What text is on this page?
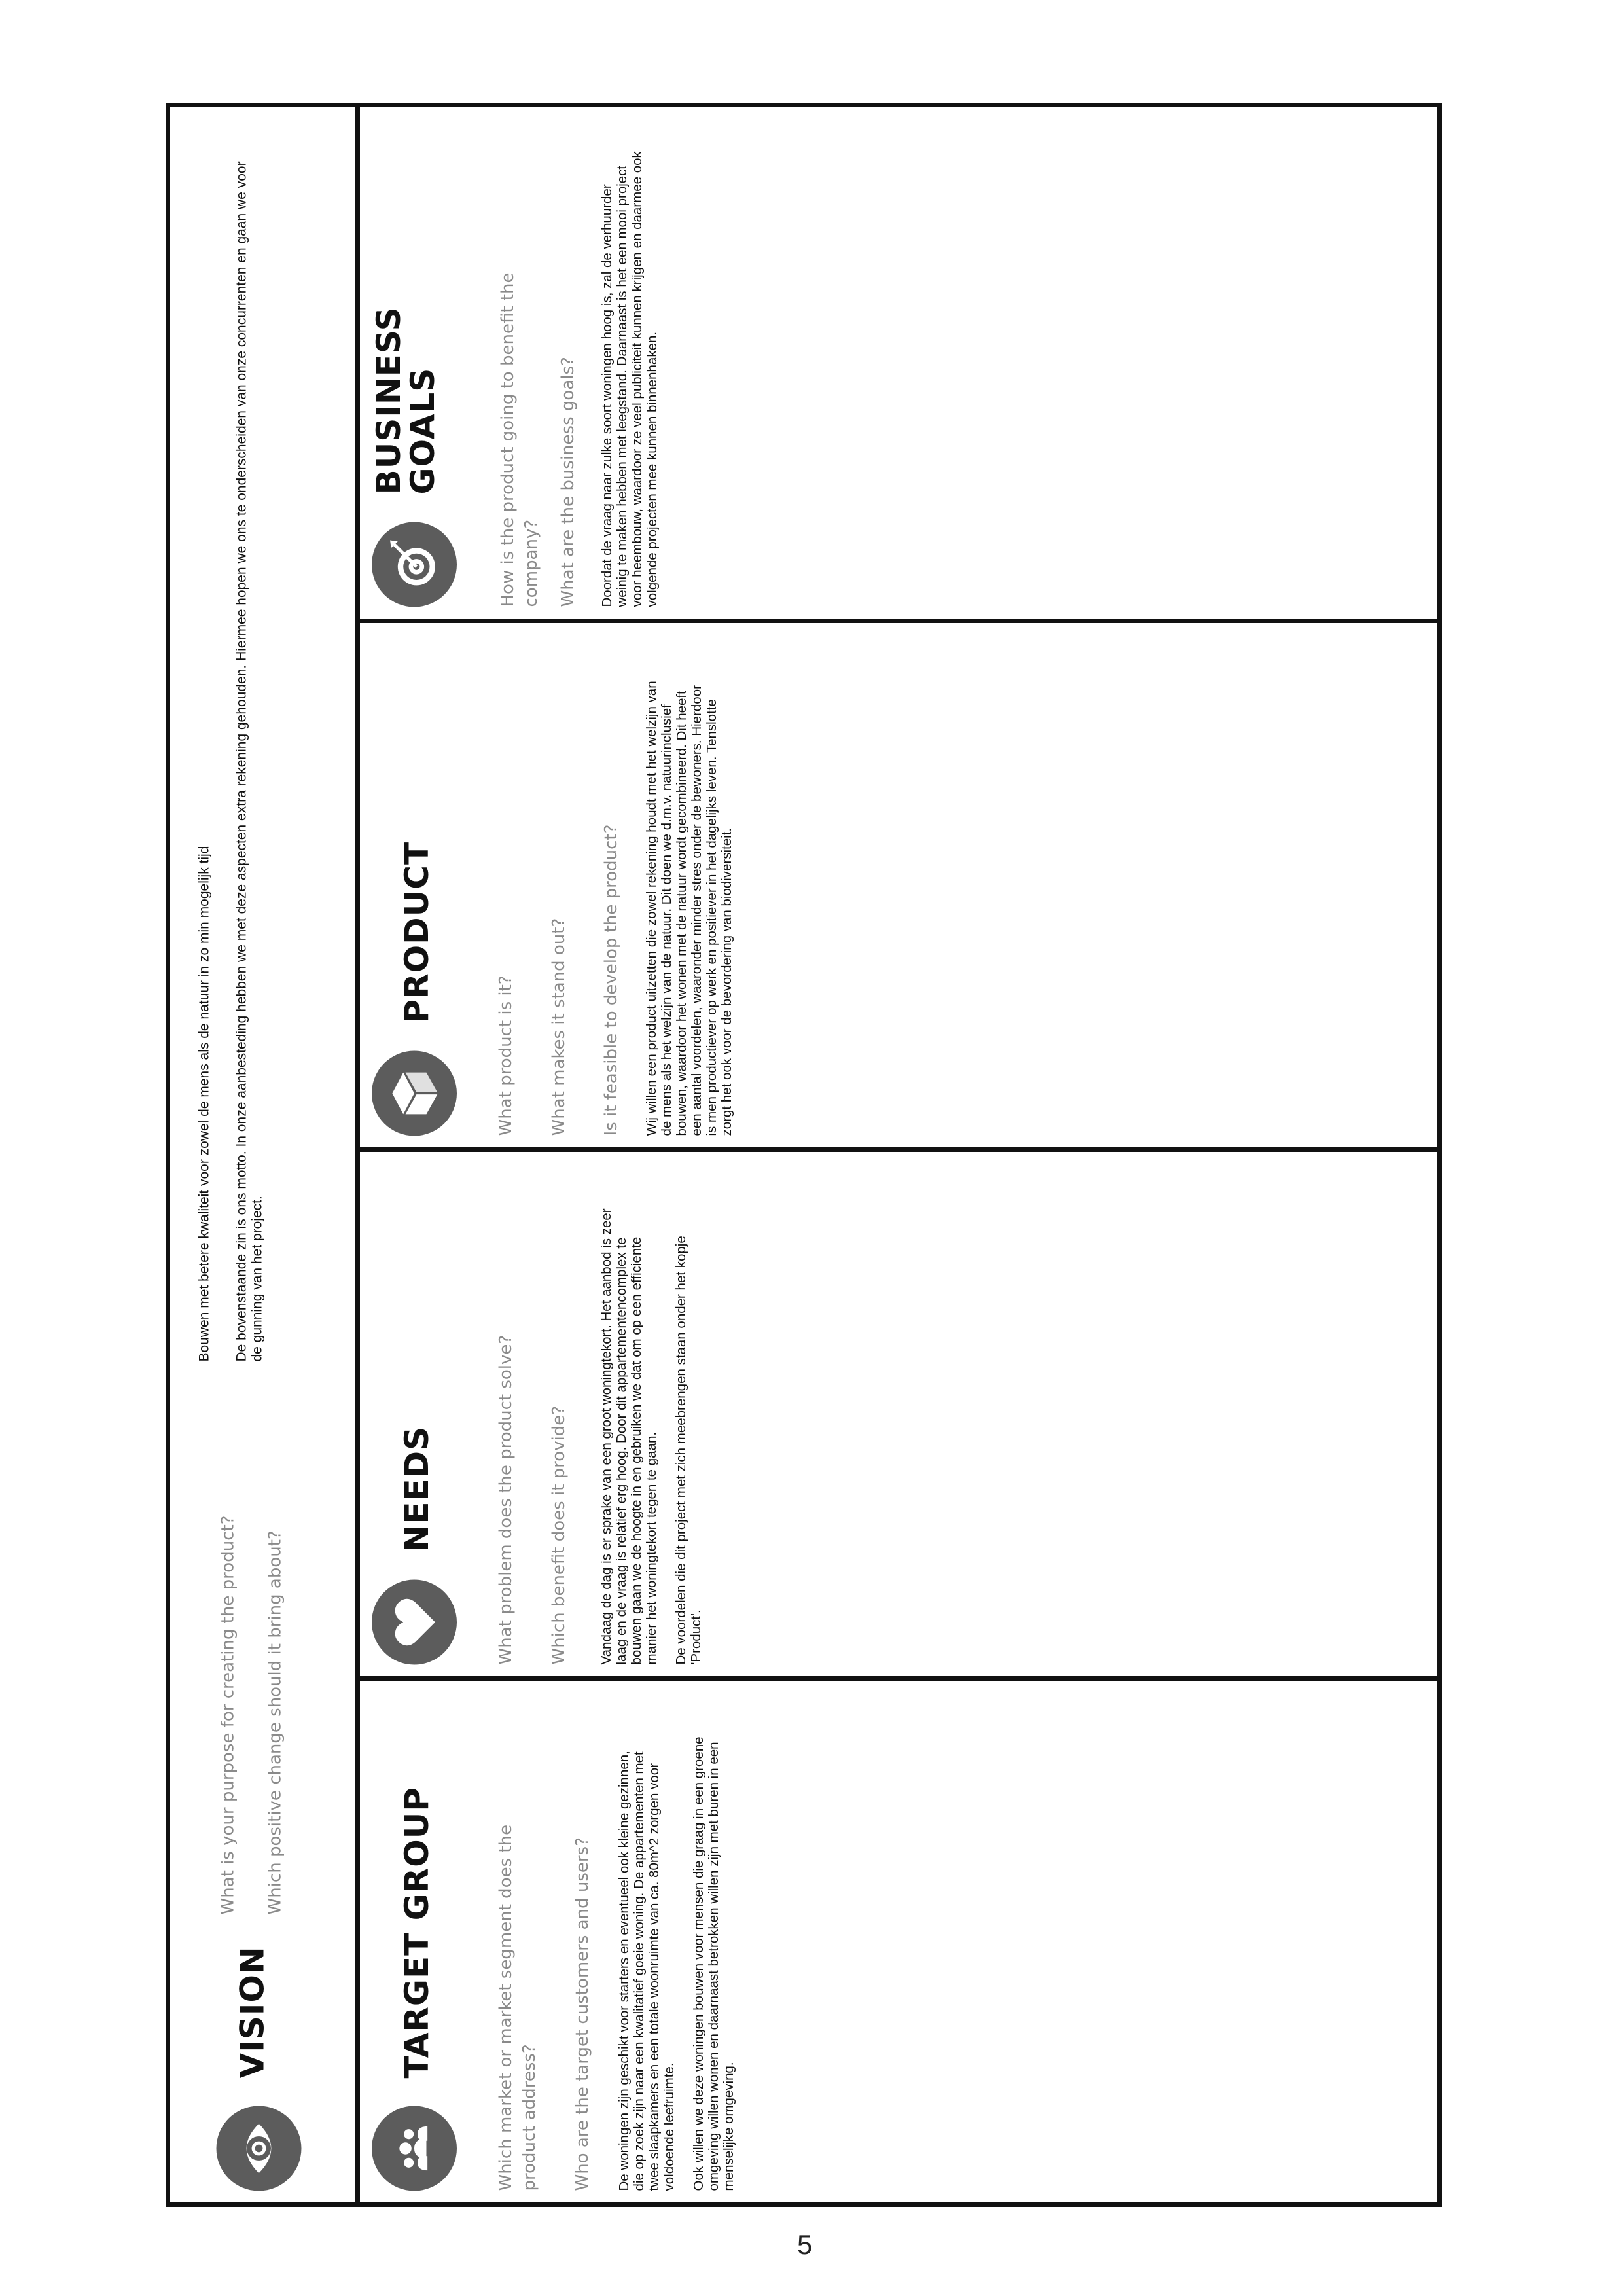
VISION
What is your purpose for creating the product? Which positive change should it bring about?
Bouwen met betere kwaliteit voor zowel de mens als de natuur in zo min mogelijk tijd De bovenstaande zin is ons motto. In onze aanbesteding hebben we met deze aspecten extra rekening gehouden. Hiermee hopen we ons te onderscheiden van onze concurrenten en gaan we voor de gunning van het project.
BUSINESS
GOALS	How is the product going to benefit the company? What are the business goals? Doordat de vraag naar zulke soort woningen hoog is, zal de verhuurder weinig te maken hebben met leegstand. Daarnaast is het een mooi project voor heembouw, waardoor ze veel publiciteit kunnen krijgen en daarmee ook volgende projecten mee kunnen binnenhaken.

PRODUCT
What product is it? What makes it stand out? Is it feasible to develop the product? Wij willen een product uitzetten die zowel rekening houdt met het welzijn van de mens als het welzijn van de natuur. Dit doen we d.m.v. natuurinclusief bouwen, waardoor het wonen met de natuur wordt gecombineerd. Dit heeft een aantal voordelen, waaronder minder stres onder de bewoners. Hierdoor is men productiever op werk en positiever in het dagelijks leven. Tenslotte zorgt het ook voor de bevordering van biodiversiteit.

NEEDS	What problem does the product solve? Which benefit does it provide? Vandaag de dag is er sprake van een groot woningtekort. Het aanbod is zeer laag en de vraag is relatief erg hoog. Door dit appartementencomplex te bouwen gaan we de hoogte in en gebruiken we dat om op een efficiente manier het woningtekort tegen te gaan. De voordelen die dit project met zich meebrengen staan onder het kopje 'Product'.

TARGET GROUP	Which market or market segment does the product address? Who are the target customers and users? De woningen zijn geschikt voor starters en eventueel ook kleine gezinnen, die op zoek zijn naar een kwalitatief goeie woning. De appartementen met twee slaapkamers en een totale woonruimte van ca. 80m^2 zorgen voor voldoende leefruimte. Ook willen we deze woningen bouwen voor mensen die graag in een groene omgeving willen wonen en daarnaast betrokken willen zijn met buren in een menselijke omgeving.

5
